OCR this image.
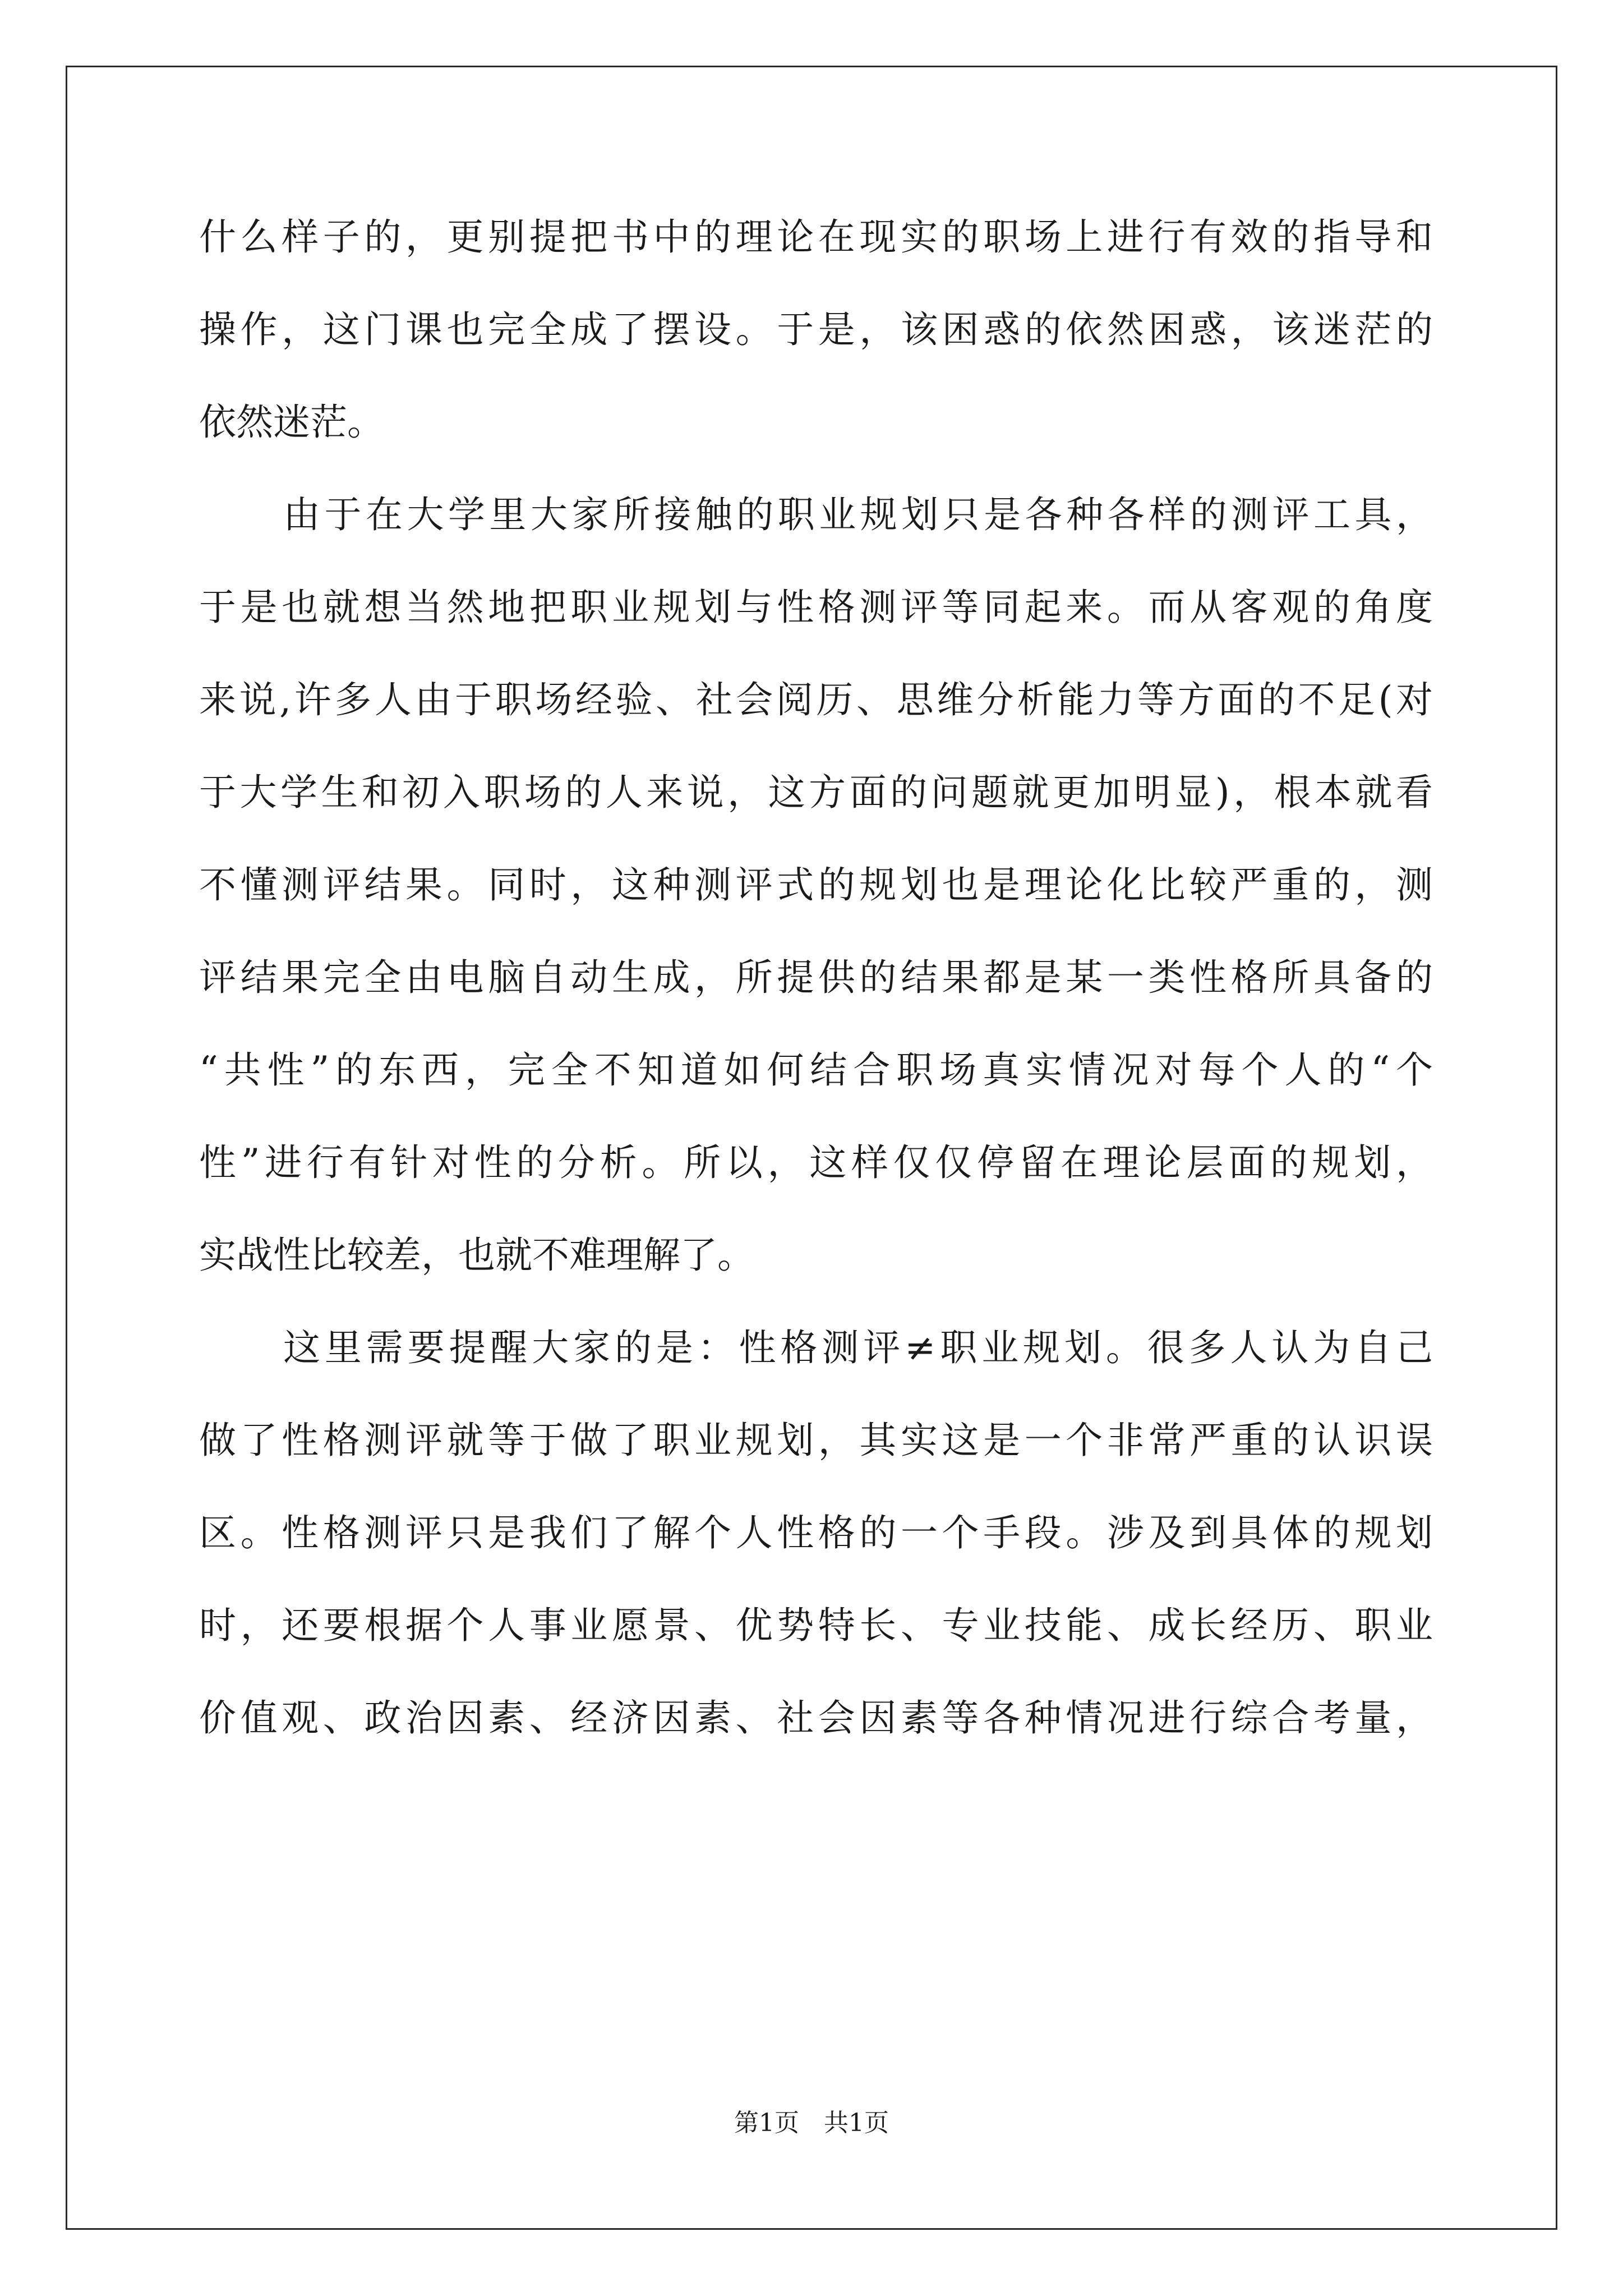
什么样子的，更别提把书中的理论在现实的职场上进行有效的指导和
操作，这门课也完全成了摆设。于是，该困惑的依然困惑，该迷茫的
依然迷茫。
由于在大学里大家所接触的职业规划只是各种各样的测评工具，
于是也就想当然地把职业规划与性格测评等同起来。而从客观的角度
来说,许多人由于职场经验、社会阅历、思维分析能力等方面的不足(对
于大学生和初入职场的人来说，这方面的问题就更加明显)，根本就看
不懂测评结果。同时，这种测评式的规划也是理论化比较严重的，测
评结果完全由电脑自动生成，所提供的结果都是某一类性格所具备的
“共性”的东西，完全不知道如何结合职场真实情况对每个人的“个
性”进行有针对性的分析。所以，这样仅仅停留在理论层面的规划，
实战性比较差，也就不难理解了。
这里需要提醒大家的是：性格测评≠职业规划。很多人认为自己
做了性格测评就等于做了职业规划，其实这是一个非常严重的认识误
区。性格测评只是我们了解个人性格的一个手段。涉及到具体的规划
时，还要根据个人事业愿景、优势特长、专业技能、成长经历、职业
价值观、政治因素、经济因素、社会因素等各种情况进行综合考量，
第1页　共1页
